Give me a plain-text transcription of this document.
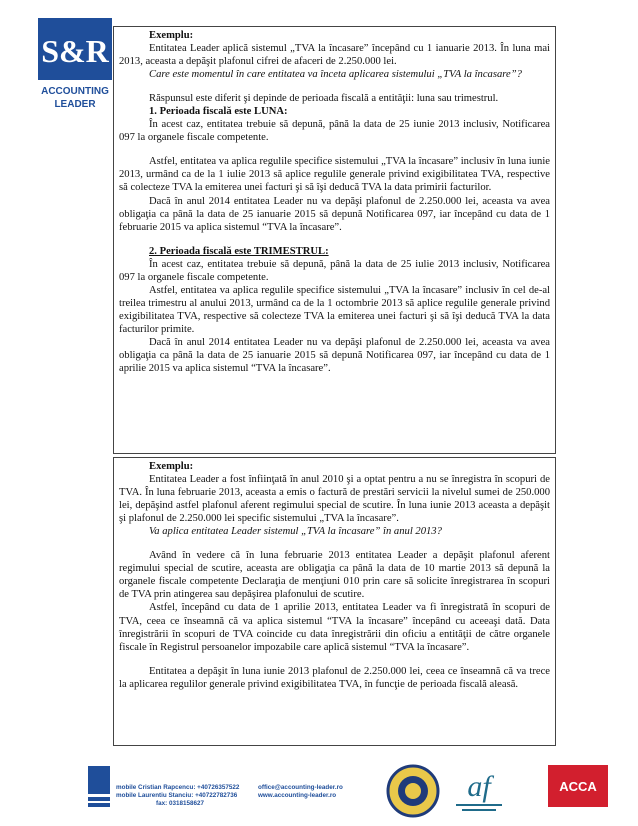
S&R
ACCOUNTING
LEADER

Exemplu:

Entitatea Leader aplică sistemul „TVA la încasare” începând cu 1 ianuarie 2013. În luna mai 2013, aceasta a depăşit plafonul cifrei de afaceri de 2.250.000 lei.

Care este momentul în care entitatea va înceta aplicarea sistemului „TVA la încasare”?

Răspunsul este diferit şi depinde de perioada fiscală a entităţii: luna sau trimestrul.

1. Perioada fiscală este LUNA:

În acest caz, entitatea trebuie să depună, până la data de 25 iunie 2013 inclusiv, Notificarea 097 la organele fiscale competente.

Astfel, entitatea va aplica regulile specifice sistemului „TVA la încasare” inclusiv în luna iunie 2013, urmând ca de la 1 iulie 2013 să aplice regulile generale privind exigibilitatea TVA, respective să colecteze TVA la emiterea unei facturi şi să îşi deducă TVA la data primirii facturilor.

Dacă în anul 2014 entitatea Leader nu va depăşi plafonul de 2.250.000 lei, aceasta va avea obligaţia ca până la data de 25 ianuarie 2015 să depună Notificarea 097, iar începând cu data de 1 februarie 2015 va aplica sistemul “TVA la încasare”.

2. Perioada fiscală este TRIMESTRUL:

În acest caz, entitatea trebuie să depună, până la data de 25 iulie 2013 inclusiv, Notificarea 097 la organele fiscale competente.

Astfel, entitatea va aplica regulile specifice sistemului „TVA la încasare” inclusiv în cel de-al treilea trimestru al anului 2013, urmând ca de la 1 octombrie 2013 să aplice regulile generale privind exigibilitatea TVA, respective să colecteze TVA la emiterea unei facturi şi să îşi deducă TVA la data facturilor primite.

Dacă în anul 2014 entitatea Leader nu va depăşi plafonul de 2.250.000 lei, aceasta va avea obligaţia ca până la data de 25 ianuarie 2015 să depună Notificarea 097, iar începând cu data de 1 aprilie 2015 va aplica sistemul “TVA la încasare”.

Exemplu:

Entitatea Leader a fost înfiinţată în anul 2010 şi a optat pentru a nu se înregistra în scopuri de TVA. În luna februarie 2013, aceasta a emis o factură de prestări servicii la nivelul sumei de 250.000 lei, depăşind astfel plafonul aferent regimului special de scutire. În luna iunie 2013 aceasta a depăşit şi plafonul de 2.250.000 lei specific sistemului „TVA la încasare”.

Va aplica entitatea Leader sistemul „TVA la încasare” în anul 2013?

Având în vedere că în luna februarie 2013 entitatea Leader a depăşit plafonul aferent regimului special de scutire, aceasta are obligaţia ca până la data de 10 martie 2013 să depună la organele fiscale competente Declaraţia de menţiuni 010 prin care să solicite înregistrarea în scopuri de TVA prin atingerea sau depăşirea plafonului de scutire.

Astfel, începând cu data de 1 aprilie 2013, entitatea Leader va fi înregistrată în scopuri de TVA, ceea ce înseamnă că va aplica sistemul “TVA la încasare” începând cu aceeaşi dată. Data înregistrării în scopuri de TVA coincide cu data înregistrării din oficiu a entităţii de către organele fiscale în Registrul persoanelor impozabile care aplică sistemul “TVA la încasare”.

Entitatea a depăşit în luna iunie 2013 plafonul de 2.250.000 lei, ceea ce înseamnă că va trece la aplicarea regulilor generale privind exigibilitatea TVA, în funcţie de perioada fiscală aleasă.

mobile Cristian Rapcencu: +40726357522
mobile Laurentiu Stanciu: +40722782736
fax: 0318158627
office@accounting-leader.ro
www.accounting-leader.ro	af	ACCA
